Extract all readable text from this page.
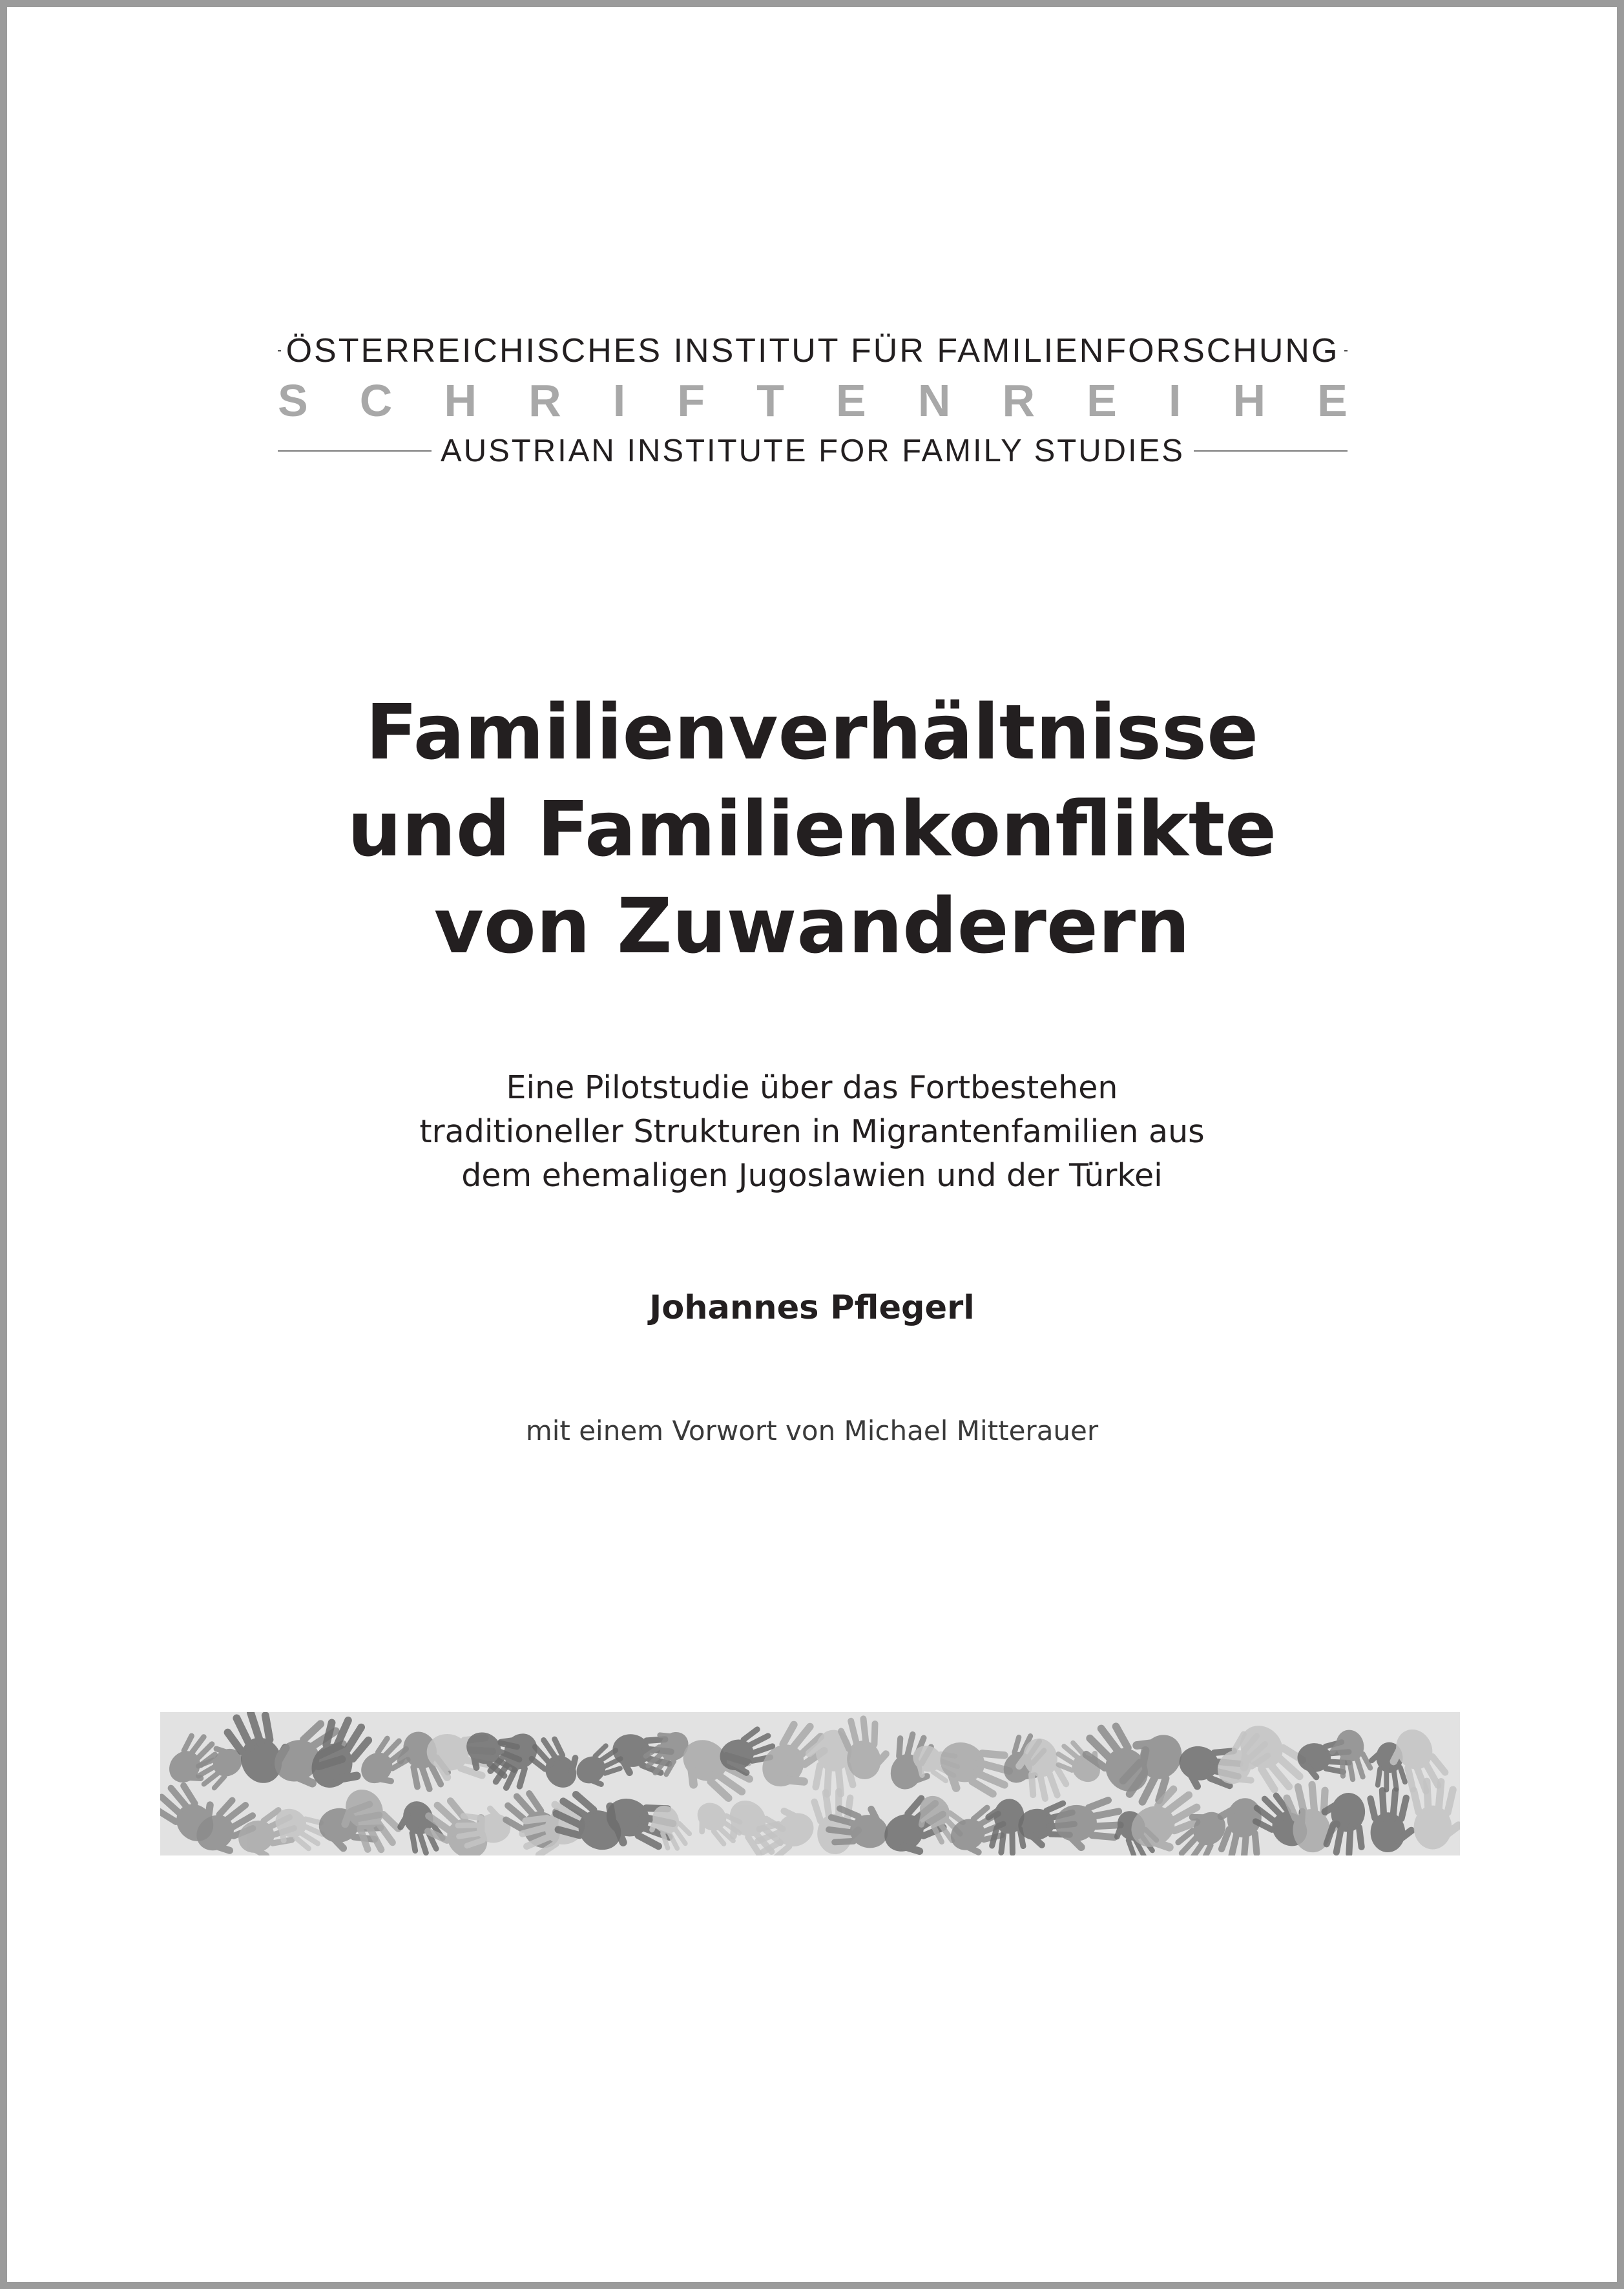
ÖSTERREICHISCHES INSTITUT FÜR FAMILIENFORSCHUNG
S C H R I F T E N R E I H E
AUSTRIAN INSTITUTE FOR FAMILY STUDIES
Familienverhältnisse
und Familienkonflikte
von Zuwanderern
Eine Pilotstudie über das Fortbestehen
traditioneller Strukturen in Migrantenfamilien aus
dem ehemaligen Jugoslawien und der Türkei
Johannes Pflegerl
mit einem Vorwort von Michael Mitterauer
